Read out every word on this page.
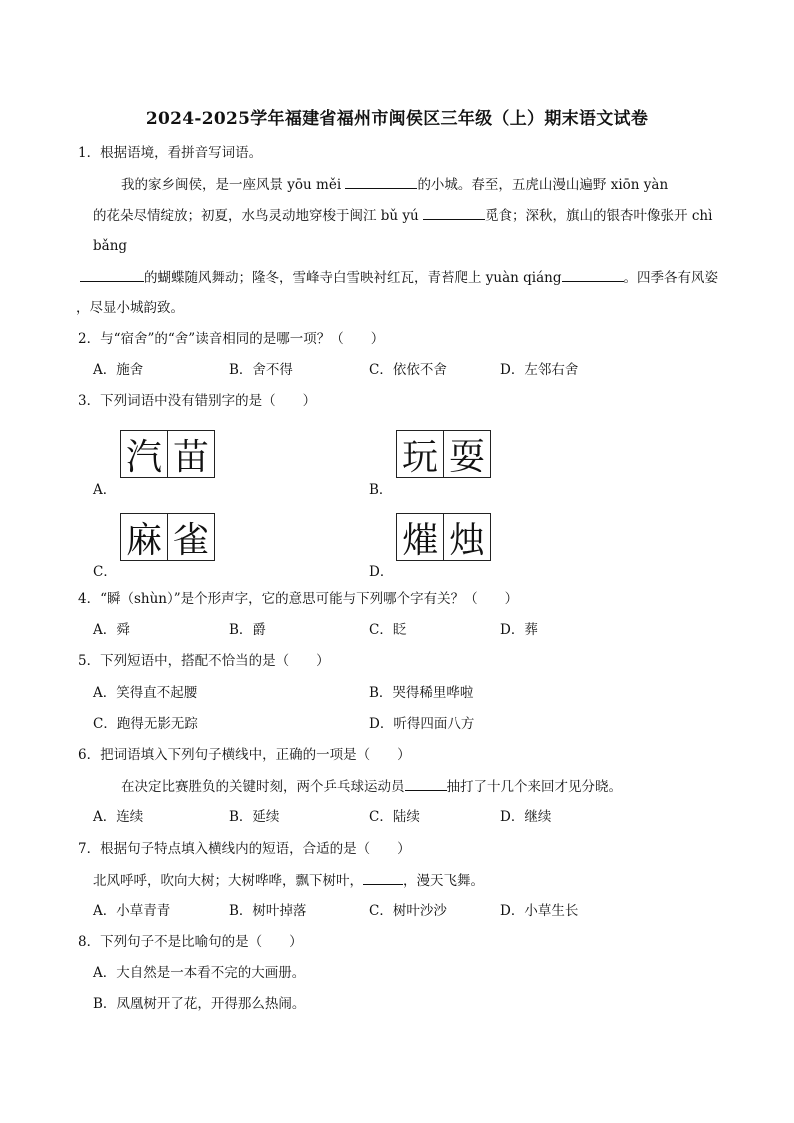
2024-2025学年福建省福州市闽侯区三年级（上）期末语文试卷
1．根据语境，看拼音写词语。
我的家乡闽侯，是一座风景 yōu měi	的小城。春至，五虎山漫山遍野 xiōn yàn
的花朵尽情绽放；初夏，水鸟灵动地穿梭于闽江 bǔ yú	觅食；深秋，旗山的银杏叶像张开 chì
bǎng
的蝴蝶随风舞动；隆冬，雪峰寺白雪映衬红瓦，青苔爬上 yuàn qiáng	。四季各有风姿
，尽显小城韵致。
2．与“宿舍”的“舍”读音相同的是哪一项？（　　）
A．施舍	B．舍不得	C．依依不舍	D．左邻右舍
3．下列词语中没有错别字的是（　　）
A．
汽 苗
B．
玩 耍
C．
麻 雀
D．
熣 烛
4．“瞬（shùn）”是个形声字，它的意思可能与下列哪个字有关？（　　）
A．舜	B．爵	C．眨	D．葬
5．下列短语中，搭配不恰当的是（　　）
A．笑得直不起腰	B．哭得稀里哗啦
C．跑得无影无踪	D．听得四面八方
6．把词语填入下列句子横线中，正确的一项是（　　）
在决定比赛胜负的关键时刻，两个乒乓球运动员	抽打了十几个来回才见分晓。
A．连续	B．延续	C．陆续	D．继续
7．根据句子特点填入横线内的短语，合适的是（　　）
北风呼呼，吹向大树；大树哗哗，飘下树叶，	，漫天飞舞。
A．小草青青	B．树叶掉落	C．树叶沙沙	D．小草生长
8．下列句子不是比喻句的是（　　）
A．大自然是一本看不完的大画册。
B．凤凰树开了花，开得那么热闹。
